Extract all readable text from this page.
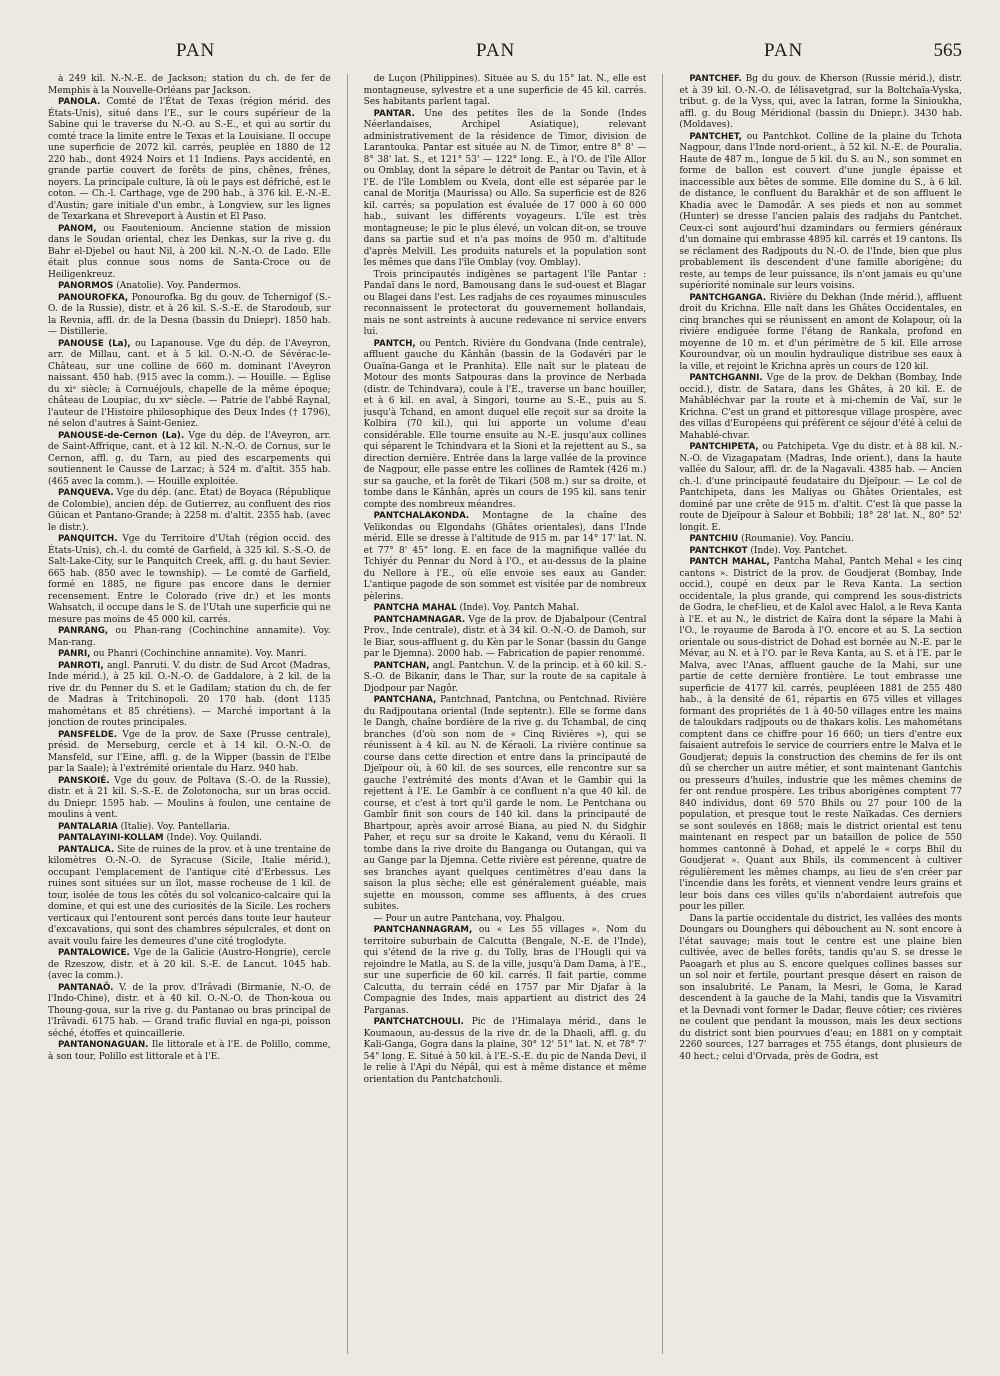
PAN	PAN	PAN	565

à 249 kil. N.-N.-E. de Jackson; station du ch. de fer de Memphis à la Nouvelle-Orléans par Jackson.

PANOLA. Comté de l'État de Texas (région mérid. des États-Unis), situé dans l'E., sur le cours supérieur de la Sabine qui le traverse du N.-O. au S.-E., et qui au sortir du comté trace la limite entre le Texas et la Louisiane. Il occupe une superficie de 2072 kil. carrés, peuplée en 1880 de 12 220 hab., dont 4924 Noirs et 11 Indiens. Pays accidenté, en grande partie couvert de forêts de pins, chênes, frênes, noyers. La principale culture, là où le pays est défriché, est le coton. — Ch.-l. Carthage, vge de 290 hab., à 376 kil. E.-N.-E. d'Austin; gare initiale d'un embr., à Longview, sur les lignes de Texarkana et Shreveport à Austin et El Paso.

PANOM, ou Faoutenioum. Ancienne station de mission dans le Soudan oriental, chez les Denkas, sur la rive g. du Bahr el-Djebel ou haut Nil, à 200 kil. N.-N.-O. de Lado. Elle était plus connue sous noms de Santa-Croce ou de Heiligenkreuz.

PANORMOS (Anatolie). Voy. Pandermos.

PANOUROFKA, Ponourofka. Bg du gouv. de Tchernigof (S.-O. de la Russie), distr. et à 26 kil. S.-S.-E. de Starodoub, sur la Revnia, affl. dr. de la Desna (bassin du Dniepr). 1850 hab. — Distillerie.

PANOUSE (La), ou Lapanouse. Vge du dép. de l'Aveyron, arr. de Millau, cant. et à 5 kil. O.-N.-O. de Sévérac-le-Château, sur une colline de 660 m. dominant l'Aveyron naissant. 450 hab. (915 avec la comm.). — Houille. — Église du xiᵉ siècle; à Cornuéjouls, chapelle de la même époque; château de Loupiac, du xvᵉ siècle. — Patrie de l'abbé Raynal, l'auteur de l'Histoire philosophique des Deux Indes († 1796), né selon d'autres à Saint-Geniez.

PANOUSE-de-Cernon (La). Vge du dép. de l'Aveyron, arr. de Saint-Affrique, cant. et à 12 kil. N.-N.-O. de Cornus, sur le Cernon, affl. g. du Tarn, au pied des escarpements qui soutiennent le Causse de Larzac; à 524 m. d'altit. 355 hab. (465 avec la comm.). — Houille exploitée.

PANQUEVA. Vge du dép. (anc. État) de Boyaca (République de Colombie), ancien dép. de Gutierrez, au confluent des rios Güican et Pantano-Grande; à 2258 m. d'altit. 2355 hab. (avec le distr.).

PANQUITCH. Vge du Territoire d'Utah (région occid. des États-Unis), ch.-l. du comté de Garfield, à 325 kil. S.-S.-O. de Salt-Lake-City, sur le Panquitch Creek, affl. g. du haut Sevier. 665 hab. (850 avec le township). — Le comté de Garfield, formé en 1885, ne figure pas encore dans le dernier recensement. Entre le Colorado (rive dr.) et les monts Wahsatch, il occupe dans le S. de l'Utah une superficie qui ne mesure pas moins de 45 000 kil. carrés.

PANRANG, ou Phan-rang (Cochinchine annamite). Voy. Man-rang.

PANRI, ou Phanri (Cochinchine annamite). Voy. Manri.

PANROTI, angl. Panruti. V. du distr. de Sud Arcot (Madras, Inde mérid.), à 25 kil. O.-N.-O. de Gaddalore, à 2 kil. de la rive dr. du Penner du S. et le Gadilam; station du ch. de fer de Madras à Tritchinopoli. 20 170 hab. (dont 1135 mahométans et 85 chrétiens). — Marché important à la jonction de routes principales.

PANSFELDE. Vge de la prov. de Saxe (Prusse centrale), présid. de Merseburg, cercle et à 14 kil. O.-N.-O. de Mansfeld, sur l'Eine, affl. g. de la Wipper (bassin de l'Elbe par la Saale); à l'extrémité orientale du Harz. 940 hab.

PANSKOIÉ. Vge du gouv. de Poltava (S.-O. de la Russie), distr. et à 21 kil. S.-S.-E. de Zolotonocha, sur un bras occid. du Dniepr. 1595 hab. — Moulins à foulon, une centaine de moulins à vent.

PANTALARIA (Italie). Voy. Pantellaria.

PANTALAYINI-KOLLAM (Inde). Voy. Quilandi.

PANTALICA. Site de ruines de la prov. et à une trentaine de kilomètres O.-N.-O. de Syracuse (Sicile, Italie mérid.), occupant l'emplacement de l'antique cité d'Erbessus. Les ruines sont situées sur un îlot, masse rocheuse de 1 kil. de tour, isolée de tous les côtés du sol volcanico-calcaire qui la domine, et qui est une des curiosités de la Sicile. Les rochers verticaux qui l'entourent sont percés dans toute leur hauteur d'excavations, qui sont des chambres sépulcrales, et dont on avait voulu faire les demeures d'une cité troglodyte.

PANTALOWICE. Vge de la Galicie (Austro-Hongrie), cercle de Rzeszow, distr. et à 20 kil. S.-E. de Lancut. 1045 hab. (avec la comm.).

PANTANAÔ. V. de la prov. d'Irâvadi (Birmanie, N.-O. de l'Indo-Chine), distr. et à 40 kil. O.-N.-O. de Thon-koua ou Thoung-goua, sur la rive g. du Pantanao ou bras principal de l'Irâvadi. 6175 hab. — Grand trafic fluvial en nga-pi, poisson séché, étoffes et quincaillerie.

PANTANONAGUAN. Ile littorale et à l'E. de Polillo, comme, à son tour, Polillo est littorale et à l'E.

de Luçon (Philippines). Située au S. du 15° lat. N., elle est montagneuse, sylvestre et a une superficie de 45 kil. carrés. Ses habitants parlent tagal.

PANTAR. Une des petites îles de la Sonde (Indes Néerlandaises, Archipel Asiatique), relevant administrativement de la résidence de Timor, division de Larantouka. Pantar est située au N. de Timor, entre 8° 8' — 8° 38' lat. S., et 121° 53' — 122° long. E., à l'O. de l'île Allor ou Omblay, dont la sépare le détroit de Pantar ou Tavin, et à l'E. de l'île Lomblem ou Kvela, dont elle est séparée par le canal de Moritja (Maurissa) ou Allo. Sa superficie est de 826 kil. carrés; sa population est évaluée de 17 000 à 60 000 hab., suivant les différents voyageurs. L'île est très montagneuse; le pic le plus élevé, un volcan dit-on, se trouve dans sa partie sud et n'a pas moins de 950 m. d'altitude d'après Melvill. Les produits naturels et la population sont les mêmes que dans l'île Omblay (voy. Omblay).

Trois principautés indigènes se partagent l'île Pantar : Pandaï dans le nord, Bamousang dans le sud-ouest et Blagar ou Blagei dans l'est. Les radjahs de ces royaumes minuscules reconnaissent le protectorat du gouvernement hollandais, mais ne sont astreints à aucune redevance ni service envers lui.

PANTCH, ou Pentch. Rivière du Gondvana (Inde centrale), affluent gauche du Kânhân (bassin de la Godavéri par le Ouaïna-Ganga et le Pranhita). Elle naît sur le plateau de Motour des monts Satpouras dans la province de Nerbada (distr. de Tchindvara), coule à l'E., traverse un banc houiller, et à 6 kil. en aval, à Singori, tourne au S.-E., puis au S. jusqu'à Tchand, en amont duquel elle reçoit sur sa droite la Kolbira (70 kil.), qui lui apporte un volume d'eau considérable. Elle tourne ensuite au N.-E. jusqu'aux collines qui séparent le Tchindvara et la Sioni et la rejettent au S., sa direction dernière. Entrée dans la large vallée de la province de Nagpour, elle passe entre les collines de Ramtek (426 m.) sur sa gauche, et la forêt de Tikari (508 m.) sur sa droite, et tombe dans le Kânhân, après un cours de 195 kil. sans tenir compte des nombreux méandres.

PANTCHALAKONDA. Montagne de la chaîne des Velikondas ou Elgondahs (Ghâtes orientales), dans l'Inde mérid. Elle se dresse à l'altitude de 915 m. par 14° 17' lat. N. et 77° 8' 45" long. E. en face de la magnifique vallée du Tchiyér du Pennar du Nord à l'O., et au-dessus de la plaine du Nellore à l'E., où elle envoie ses eaux au Gander. L'antique pagode de son sommet est visitée par de nombreux pèlerins.

PANTCHA MAHAL (Inde). Voy. Pantch Mahal.

PANTCHAMNAGAR. Vge de la prov. de Djabalpour (Central Prov., Inde centrale), distr. et à 34 kil. O.-N.-O. de Damoh, sur le Biar, sous-affluent g. du Kèn par le Sonar (bassin du Gange par le Djemna). 2000 hab. — Fabrication de papier renommé.

PANTCHAN, angl. Pantchun. V. de la princip. et à 60 kil. S.-S.-O. de Bikanir, dans le Thar, sur la route de sa capitale à Djodpour par Nagôr.

PANTCHANA, Pantchnad, Pantchna, ou Pentchnad. Rivière du Radjpoutana oriental (Inde septentr.). Elle se forme dans le Dangh, chaîne bordière de la rive g. du Tchambal, de cinq branches (d'où son nom de « Cinq Rivières »), qui se réunissent à 4 kil. au N. de Kéraoli. La rivière continue sa course dans cette direction et entre dans la principauté de Djeïpour où, à 60 kil. de ses sources, elle rencontre sur sa gauche l'extrémité des monts d'Avan et le Gambir qui la rejettent à l'E. Le Gambîr à ce confluent n'a que 40 kil. de course, et c'est à tort qu'il garde le nom. Le Pentchana ou Gambîr finit son cours de 140 kil. dans la principauté de Bhartpour, après avoir arrosé Biana, au pied N. du Sidghir Paher, et reçu sur sa droite le Kakand, venu du Kéraoli. Il tombe dans la rive droite du Banganga ou Outangan, qui va au Gange par la Djemna. Cette rivière est pérenne, quatre de ses branches ayant quelques centimètres d'eau dans la saison la plus sèche; elle est généralement guéable, mais sujette en mousson, comme ses affluents, à des crues subites.

— Pour un autre Pantchana, voy. Phalgou.

PANTCHANNAGRAM, ou « Les 55 villages ». Nom du territoire suburbain de Calcutta (Bengale, N.-E. de l'Inde), qui s'étend de la rive g. du Tolly, bras de l'Hougli qui va rejoindre le Matla, au S. de la ville, jusqu'à Dam Dama, à l'E., sur une superficie de 60 kil. carrés. Il fait partie, comme Calcutta, du terrain cédé en 1757 par Mir Djafar à la Compagnie des Indes, mais appartient au district des 24 Parganas.

PANTCHATCHOULI. Pic de l'Himalaya mérid., dans le Koumaoun, au-dessus de la rive dr. de la Dhaoli, affl. g. du Kali-Ganga, Gogra dans la plaine, 30° 12' 51" lat. N. et 78° 7' 54" long. E. Situé à 50 kil. à l'E.-S.-E. du pic de Nanda Devi, il le relie à l'Api du Népâl, qui est à même distance et même orientation du Pantchatchouli.

PANTCHEF. Bg du gouv. de Kherson (Russie mérid.), distr. et à 39 kil. O.-N.-O. de Iélisavetgrad, sur la Boltchaïa-Vyska, tribut. g. de la Vyss, qui, avec la Iatran, forme la Sinioukha, affl. g. du Boug Méridional (bassin du Dniepr.). 3430 hab. (Moldaves).

PANTCHET, ou Pantchkot. Colline de la plaine du Tchota Nagpour, dans l'Inde nord-orient., à 52 kil. N.-E. de Pouralia. Haute de 487 m., longue de 5 kil. du S. au N., son sommet en forme de ballon est couvert d'une jungle épaisse et inaccessible aux bêtes de somme. Elle domine du S., à 6 kil. de distance, le confluent du Barakhâr et de son affluent le Khadia avec le Damodâr. A ses pieds et non au sommet (Hunter) se dresse l'ancien palais des radjahs du Pantchet. Ceux-ci sont aujourd'hui dzamindars ou fermiers généraux d'un domaine qui embrasse 4895 kil. carrés et 19 cantons. Ils se réclament des Radjpouts du N.-O. de l'Inde, bien que plus probablement ils descendent d'une famille aborigène; du reste, au temps de leur puissance, ils n'ont jamais eu qu'une supériorité nominale sur leurs voisins.

PANTCHGANGA. Rivière du Dekhan (Inde mérid.), affluent droit du Krichna. Elle naît dans les Ghâtes Occidentales, en cinq branches qui se réunissent en amont de Kolapour, où la rivière endiguée forme l'étang de Rankala, profond en moyenne de 10 m. et d'un périmètre de 5 kil. Elle arrose Kouroundvar, où un moulin hydraulique distribue ses eaux à la ville, et rejoint le Krichna après un cours de 120 kil.

PANTCHGANNI. Vge de la prov. de Dekhan (Bombay, Inde occid.), distr. de Satara, dans les Ghâtes, à 20 kil. E. de Mahâbléchvar par la route et à mi-chemin de Vaï, sur le Krichna. C'est un grand et pittoresque village prospère, avec des villas d'Européens qui préfèrent ce séjour d'été à celui de Mahablé-chvar.

PANTCHIPETA, ou Patchipeta. Vge du distr. et à 88 kil. N.-N.-O. de Vizagapatam (Madras, Inde orient.), dans la haute vallée du Salour, affl. dr. de la Nagavali. 4385 hab. — Ancien ch.-l. d'une principauté feudataire du Djeïpour. — Le col de Pantchipeta, dans les Maliyas ou Ghâtes Orientales, est dominé par une crête de 915 m. d'altit. C'est là que passe la route de Djeïpour à Salour et Bobbili; 18° 28' lat. N., 80° 52' longit. E.

PANTCHIU (Roumanie). Voy. Panciu.

PANTCHKOT (Inde). Voy. Pantchet.

PANTCH MAHAL, Pantcha Mahal, Pantch Mehal « les cinq cantons ». District de la prov. de Goudjerat (Bombay, Inde occid.), coupé en deux par le Reva Kanta. La section occidentale, la plus grande, qui comprend les sous-districts de Godra, le chef-lieu, et de Kalol avec Halol, a le Reva Kanta à l'E. et au N., le district de Kaïra dont la sépare la Mahi à l'O., le royaume de Baroda à l'O. encore et au S. La section orientale ou sous-district de Dohad est bornée au N.-E. par le Mévar, au N. et à l'O. par le Reva Kanta, au S. et à l'E. par le Malva, avec l'Anas, affluent gauche de la Mahi, sur une partie de cette dernière frontière. Le tout embrasse une superficie de 4177 kil. carrés, peupléeen 1881 de 255 480 hab., à la densité de 61, répartis en 675 villes et villages formant des propriétés de 1 à 40-50 villages entre les mains de taloukdars radjpouts ou de thakars kolis. Les mahométans comptent dans ce chiffre pour 16 660; un tiers d'entre eux faisaient autrefois le service de courriers entre le Malva et le Goudjerat; depuis la construction des chemins de fer ils ont dû se chercher un autre métier, et sont maintenant Gantchis ou presseurs d'huiles, industrie que les mêmes chemins de fer ont rendue prospère. Les tribus aborigènes comptent 77 840 individus, dont 69 570 Bhils ou 27 pour 100 de la population, et presque tout le reste Naïkadas. Ces derniers se sont soulevés en 1868; mais le district oriental est tenu maintenant en respect par un bataillon de police de 550 hommes cantonné à Dohad, et appelé le « corps Bhil du Goudjerat ». Quant aux Bhils, ils commencent à cultiver régulièrement les mêmes champs, au lieu de s'en créer par l'incendie dans les forêts, et viennent vendre leurs grains et leur bois dans ces villes qu'ils n'abordaient autrefois que pour les piller.

Dans la partie occidentale du district, les vallées des monts Doungars ou Dounghers qui débouchent au N. sont encore à l'état sauvage; mais tout le centre est une plaine bien cultivée, avec de belles forêts, tandis qu'au S. se dresse le Paoagarh et plus au S. encore quelques collines basses sur un sol noir et fertile, pourtant presque désert en raison de son insalubrité. Le Panam, la Mesri, le Goma, le Karad descendent à la gauche de la Mahi, tandis que la Visvamitri et la Devnadi vont former le Dadar, fleuve côtier; ces rivières ne coulent que pendant la mousson, mais les deux sections du district sont bien pourvues d'eau; en 1881 on y comptait 2260 sources, 127 barrages et 755 étangs, dont plusieurs de 40 hect.; celui d'Orvada, près de Godra, est
